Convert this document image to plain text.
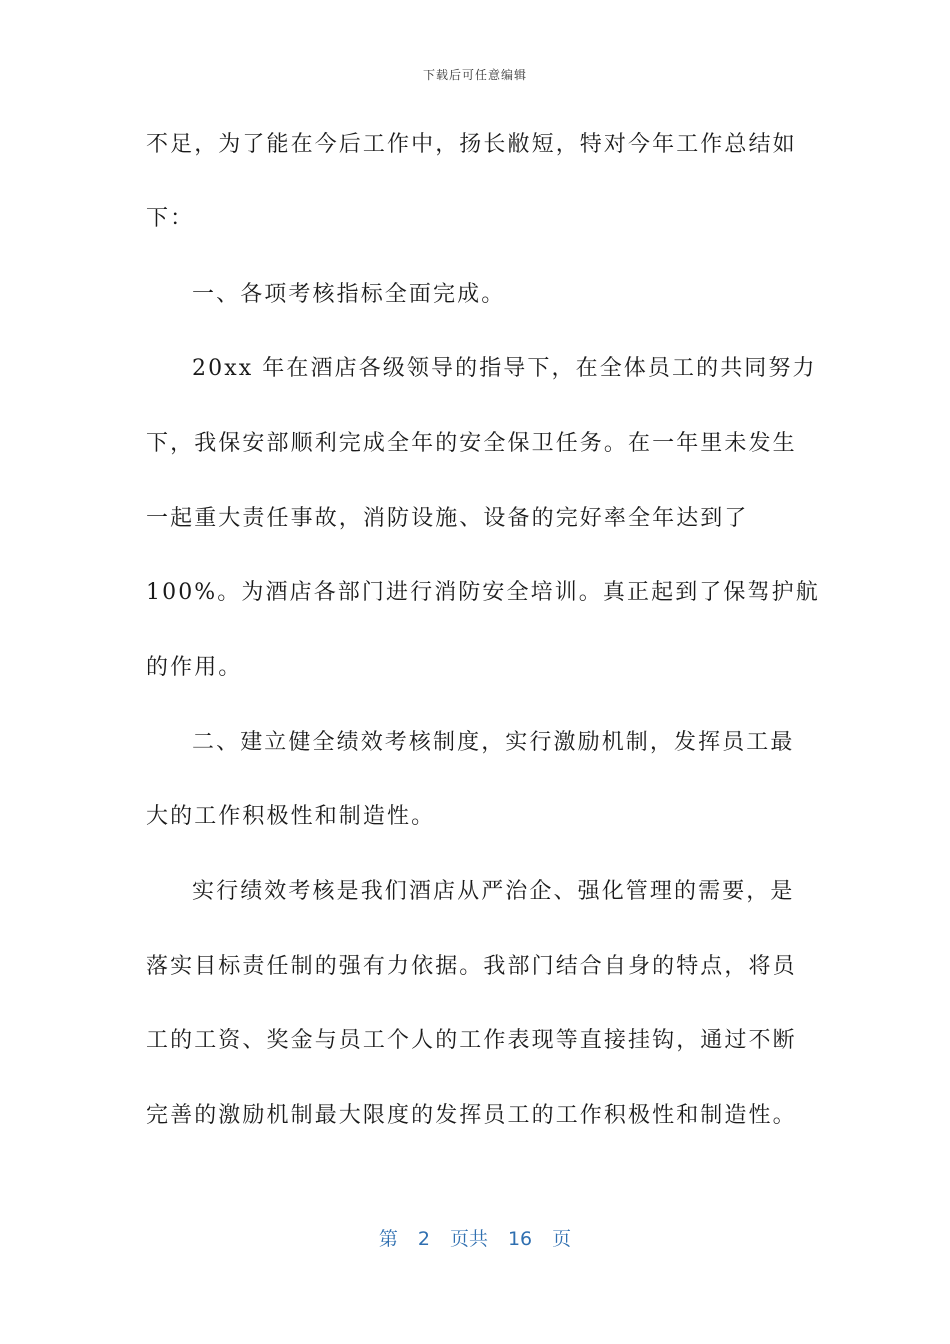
下载后可任意编辑
不足，为了能在今后工作中，扬长敝短，特对今年工作总结如
下：
一、各项考核指标全面完成。
20xx 年在酒店各级领导的指导下，在全体员工的共同努力
下，我保安部顺利完成全年的安全保卫任务。在一年里未发生
一起重大责任事故，消防设施、设备的完好率全年达到了
100%。为酒店各部门进行消防安全培训。真正起到了保驾护航
的作用。
二、建立健全绩效考核制度，实行激励机制，发挥员工最
大的工作积极性和制造性。
实行绩效考核是我们酒店从严治企、强化管理的需要，是
落实目标责任制的强有力依据。我部门结合自身的特点，将员
工的工资、奖金与员工个人的工作表现等直接挂钩，通过不断
完善的激励机制最大限度的发挥员工的工作积极性和制造性。
第 2 页共 16 页
